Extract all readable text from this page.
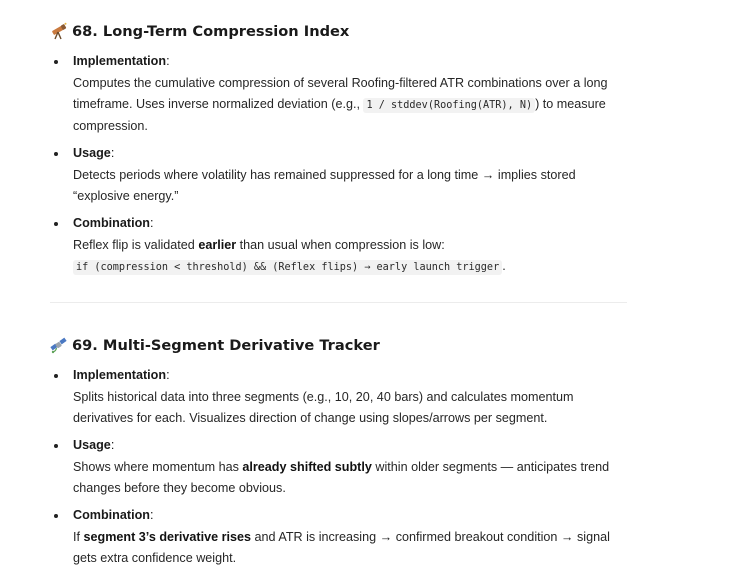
68. Long-Term Compression Index
Implementation:
Computes the cumulative compression of several Roofing-filtered ATR combinations over a long timeframe. Uses inverse normalized deviation (e.g., 1 / stddev(Roofing(ATR), N) ) to measure compression.
Usage:
Detects periods where volatility has remained suppressed for a long time → implies stored “explosive energy.”
Combination:
Reflex flip is validated earlier than usual when compression is low:
if (compression < threshold) && (Reflex flips) → early launch trigger .
69. Multi-Segment Derivative Tracker
Implementation:
Splits historical data into three segments (e.g., 10, 20, 40 bars) and calculates momentum derivatives for each. Visualizes direction of change using slopes/arrows per segment.
Usage:
Shows where momentum has already shifted subtly within older segments — anticipates trend changes before they become obvious.
Combination:
If segment 3’s derivative rises and ATR is increasing → confirmed breakout condition → signal gets extra confidence weight.
